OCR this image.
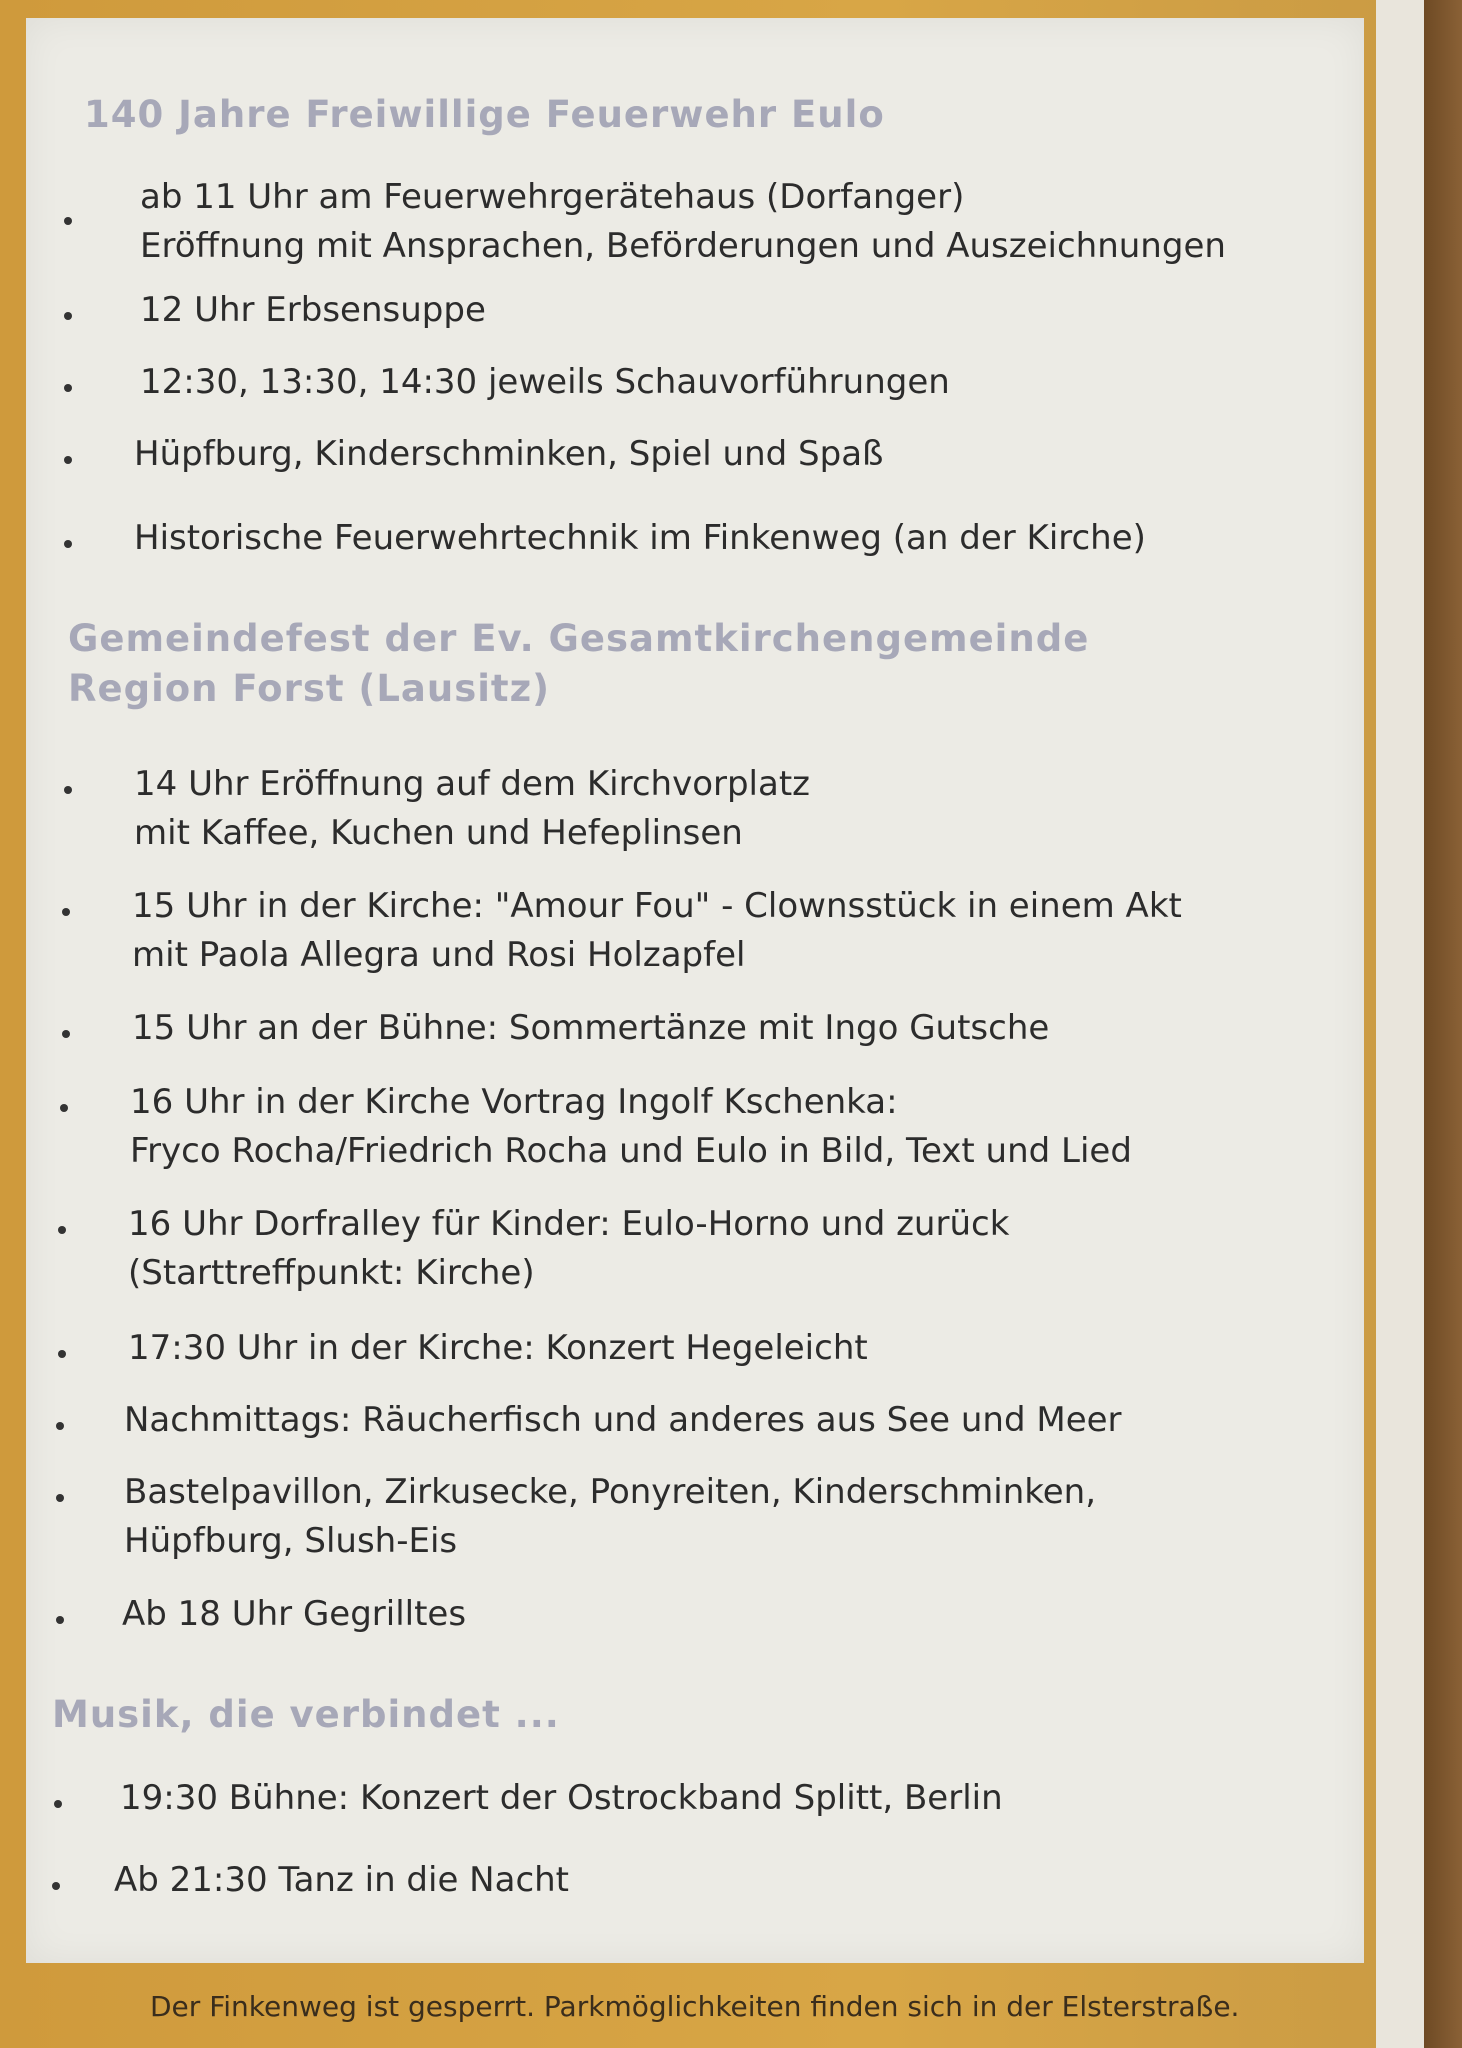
140 Jahre Freiwillige Feuerwehr Eulo
ab 11 Uhr am Feuerwehrgerätehaus (Dorfanger)
Eröffnung mit Ansprachen, Beförderungen und Auszeichnungen
12 Uhr Erbsensuppe
12:30, 13:30, 14:30 jeweils Schauvorführungen
Hüpfburg, Kinderschminken, Spiel und Spaß
Historische Feuerwehrtechnik im Finkenweg (an der Kirche)
Gemeindefest der Ev. Gesamtkirchengemeinde
Region Forst (Lausitz)
14 Uhr Eröffnung auf dem Kirchvorplatz
mit Kaffee, Kuchen und Hefeplinsen
15 Uhr in der Kirche: "Amour Fou" - Clownsstück in einem Akt
mit Paola Allegra und Rosi Holzapfel
15 Uhr an der Bühne: Sommertänze mit Ingo Gutsche
16 Uhr in der Kirche Vortrag Ingolf Kschenka:
Fryco Rocha/Friedrich Rocha und Eulo in Bild, Text und Lied
16 Uhr Dorfralley für Kinder: Eulo-Horno und zurück
(Starttreffpunkt: Kirche)
17:30 Uhr in der Kirche: Konzert Hegeleicht
Nachmittags: Räucherfisch und anderes aus See und Meer
Bastelpavillon, Zirkusecke, Ponyreiten, Kinderschminken,
Hüpfburg, Slush-Eis
Ab 18 Uhr Gegrilltes
Musik, die verbindet ...
19:30 Bühne: Konzert der Ostrockband Splitt, Berlin
Ab 21:30 Tanz in die Nacht
Der Finkenweg ist gesperrt. Parkmöglichkeiten finden sich in der Elsterstraße.
